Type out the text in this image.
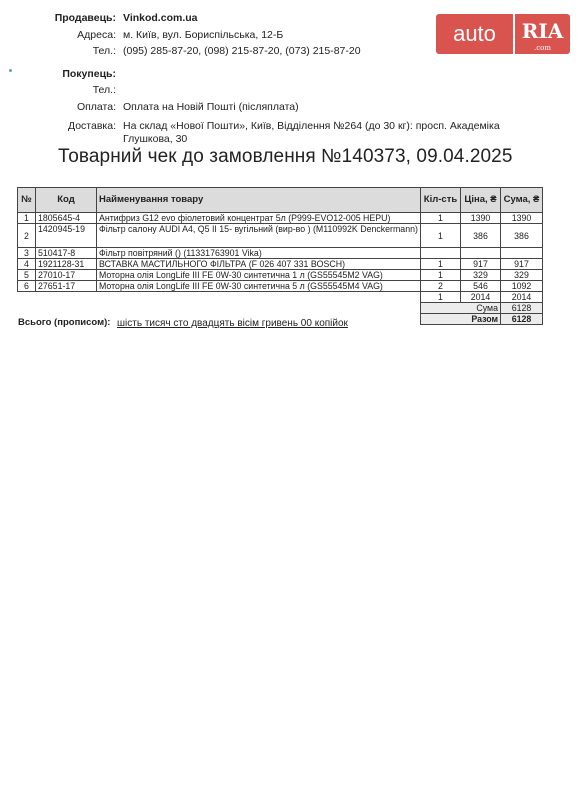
Продавець: Vinkod.com.ua
Адреса: м. Київ, вул. Бориспільська, 12-Б
Тел.: (095) 285-87-20, (098) 215-87-20, (073) 215-87-20
auto	RIA
.com
Покупець:
Тел.:
Оплата: Оплата на Новій Пошті (післяплата)
Доставка: На склад «Нової Пошти», Київ, Відділення №264 (до 30 кг): просп. Академіка
Глушкова, 30
Товарний чек до замовлення №140373, 09.04.2025
№	Код	Найменування товару	Кіл-сть	Ціна, ₴	Сума, ₴
1	1805645-4	Антифриз G12 evo фіолетовий концентрат 5л (P999-EVO12-005 HEPU)	1	1390	1390
2	1420945-19	Фільтр салону AUDI A4, Q5 II 15- вугільний (вир-во ) (M110992K Denckermann)	1	386	386
3	510417-8	Фільтр повітряний () (11331763901 Vika)			
4	1921128-31	ВСТАВКА МАСТИЛЬНОГО ФІЛЬТРА (F 026 407 331 BOSCH)	1	917	917
5	27010-17	Моторна олія LongLife III FE 0W-30 синтетична 1 л (GS55545M2 VAG)	1	329	329
6	27651-17	Моторна олія LongLife III FE 0W-30 синтетична 5 л (GS55545M4 VAG)	2	546	1092
			1	2014	2014
			Сума		6128
			Разом		6128
Всього (прописом): шість тисяч сто двадцять вісім гривень 00 копійок
